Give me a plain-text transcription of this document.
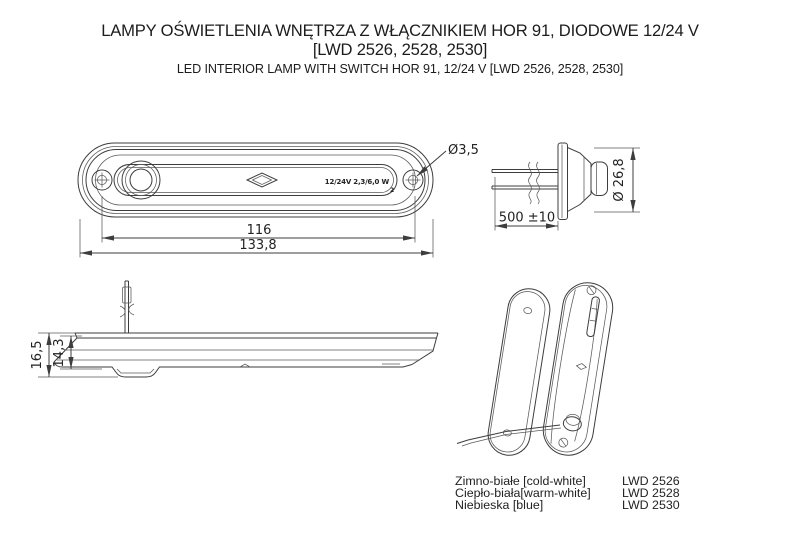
LAMPY OŚWIETLENIA WNĘTRZA Z WŁĄCZNIKIEM HOR 91, DIODOWE 12/24 V
[LWD 2526, 2528, 2530]
LED INTERIOR LAMP WITH SWITCH HOR 91, 12/24 V [LWD 2526, 2528, 2530]
12/24V 2,3/6,0 W
2
116
133,8
Ø3,5
500 ±10
Ø 26,8
16,5 14,3
Zimno-białe [cold-white]	LWD 2526
Ciepło-biała[warm-white]	LWD 2528
Niebieska [blue]	LWD 2530
